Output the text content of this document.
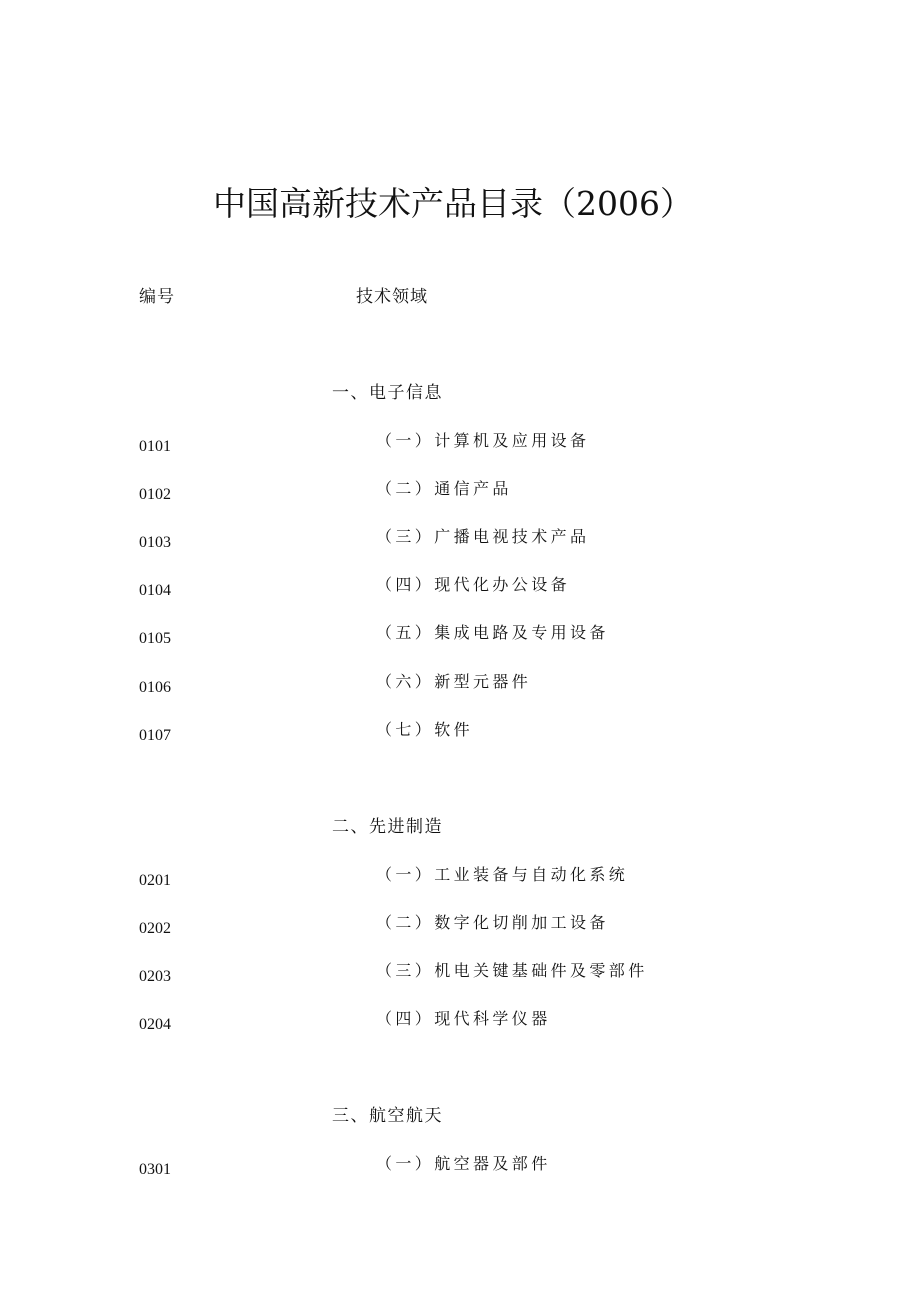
中国高新技术产品目录（2006）
编号	技术领域
一、电子信息
0101	（一）计算机及应用设备
0102	（二）通信产品
0103	（三）广播电视技术产品
0104	（四）现代化办公设备
0105	（五）集成电路及专用设备
0106	（六）新型元器件
0107	（七）软件
二、先进制造
0201	（一）工业装备与自动化系统
0202	（二）数字化切削加工设备
0203	（三）机电关键基础件及零部件
0204	（四）现代科学仪器
三、航空航天
0301	（一）航空器及部件
